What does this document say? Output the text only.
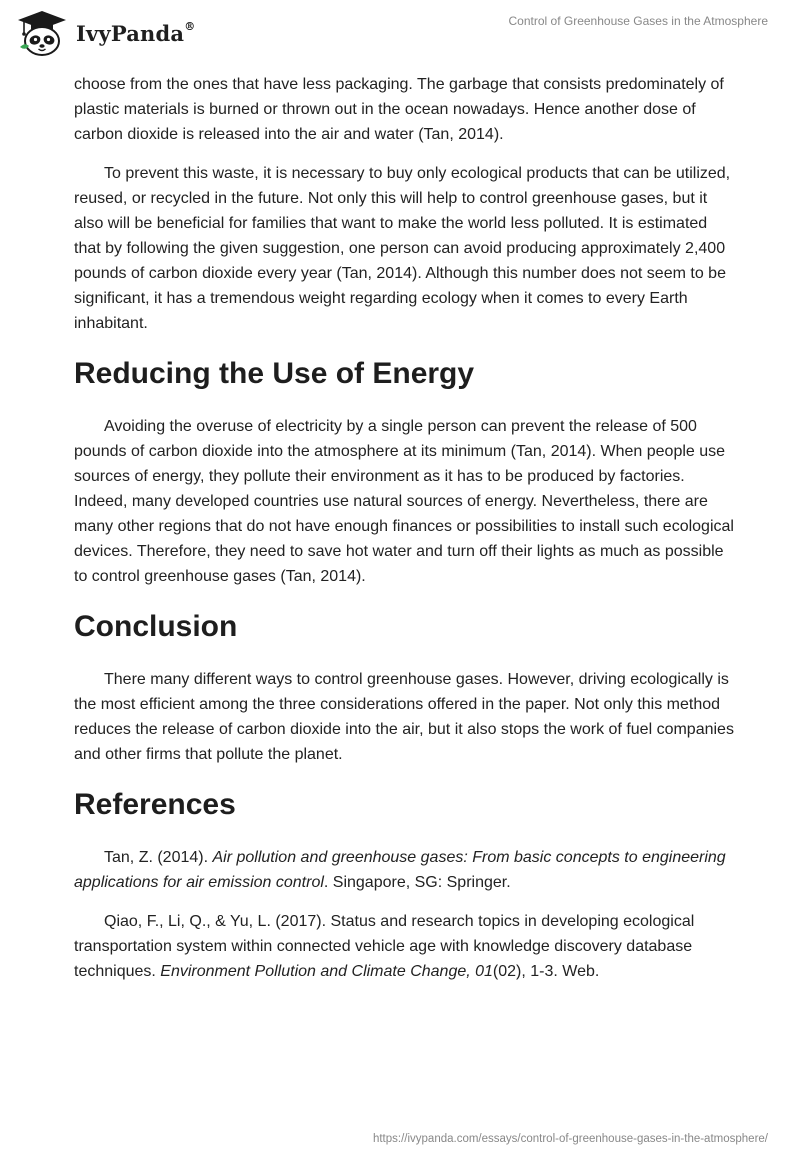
IvyPanda®	Control of Greenhouse Gases in the Atmosphere

choose from the ones that have less packaging. The garbage that consists predominately of plastic materials is burned or thrown out in the ocean nowadays. Hence another dose of carbon dioxide is released into the air and water (Tan, 2014).

To prevent this waste, it is necessary to buy only ecological products that can be utilized, reused, or recycled in the future. Not only this will help to control greenhouse gases, but it also will be beneficial for families that want to make the world less polluted. It is estimated that by following the given suggestion, one person can avoid producing approximately 2,400 pounds of carbon dioxide every year (Tan, 2014). Although this number does not seem to be significant, it has a tremendous weight regarding ecology when it comes to every Earth inhabitant.

Reducing the Use of Energy

Avoiding the overuse of electricity by a single person can prevent the release of 500 pounds of carbon dioxide into the atmosphere at its minimum (Tan, 2014). When people use sources of energy, they pollute their environment as it has to be produced by factories. Indeed, many developed countries use natural sources of energy. Nevertheless, there are many other regions that do not have enough finances or possibilities to install such ecological devices. Therefore, they need to save hot water and turn off their lights as much as possible to control greenhouse gases (Tan, 2014).

Conclusion

There many different ways to control greenhouse gases. However, driving ecologically is the most efficient among the three considerations offered in the paper. Not only this method reduces the release of carbon dioxide into the air, but it also stops the work of fuel companies and other firms that pollute the planet.

References

Tan, Z. (2014). Air pollution and greenhouse gases: From basic concepts to engineering applications for air emission control. Singapore, SG: Springer.

Qiao, F., Li, Q., & Yu, L. (2017). Status and research topics in developing ecological transportation system within connected vehicle age with knowledge discovery database techniques. Environment Pollution and Climate Change, 01(02), 1-3. Web.

https://ivypanda.com/essays/control-of-greenhouse-gases-in-the-atmosphere/
